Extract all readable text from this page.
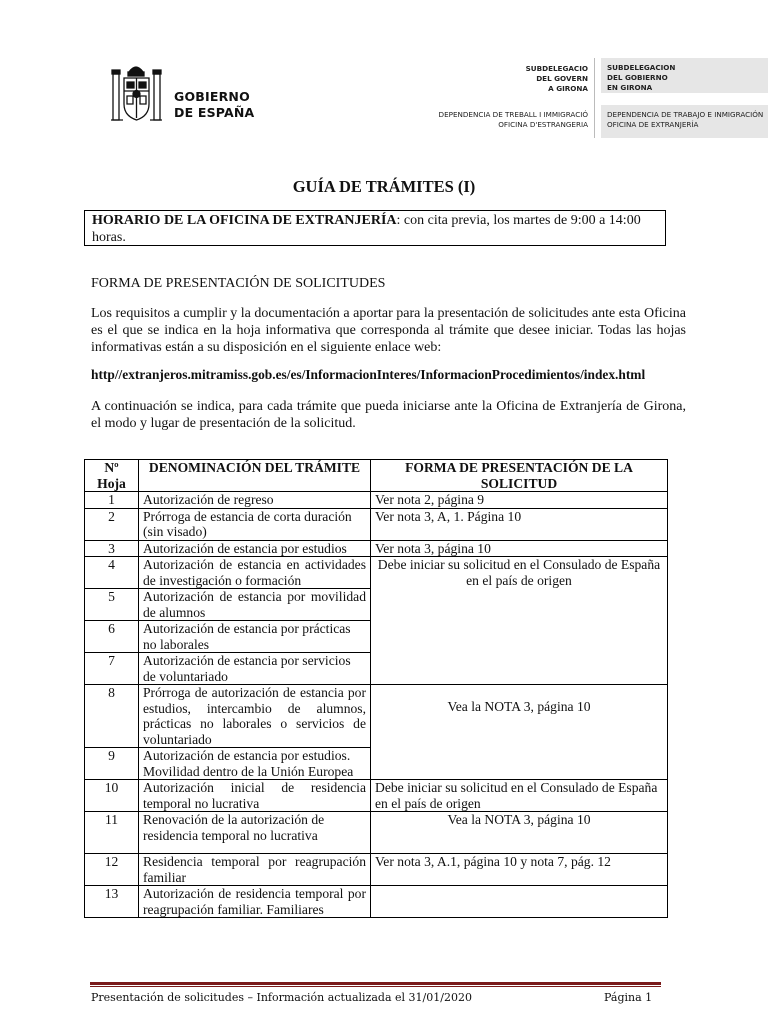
GOBIERNO
DE ESPAÑA
SUBDELEGACIO
DEL GOVERN
A GIRONA
SUBDELEGACION
DEL GOBIERNO
EN GIRONA
DEPENDENCIA DE TREBALL I IMMIGRACIÓ
OFICINA D'ESTRANGERIA
DEPENDENCIA DE TRABAJO E INMIGRACIÓN
OFICINA DE EXTRANJERÍA
GUÍA DE TRÁMITES (I)
HORARIO DE LA OFICINA DE EXTRANJERÍA: con cita previa, los martes de 9:00 a 14:00 horas.
FORMA DE PRESENTACIÓN DE SOLICITUDES
Los requisitos a cumplir y la documentación a aportar para la presentación de solicitudes ante esta Oficina es el que se indica en la hoja informativa que corresponda al trámite que desee iniciar. Todas las hojas informativas están a su disposición en el siguiente enlace web:
http//extranjeros.mitramiss.gob.es/es/InformacionInteres/InformacionProcedimientos/index.html
A continuación se indica, para cada trámite que pueda iniciarse ante la Oficina de Extranjería de Girona, el modo y lugar de presentación de la solicitud.
Nº Hoja	DENOMINACIÓN DEL TRÁMITE	FORMA DE PRESENTACIÓN DE LA SOLICITUD
1	Autorización de regreso	Ver nota 2, página 9
2	Prórroga de estancia de corta duración (sin visado)	Ver nota 3, A, 1. Página 10
3	Autorización de estancia por estudios	Ver nota 3, página 10
4	Autorización de estancia en actividades de investigación o formación	Debe iniciar su solicitud en el Consulado de España en el país de origen
5	Autorización de estancia por movilidad de alumnos	
6	Autorización de estancia por prácticas no laborales	
7	Autorización de estancia por servicios de voluntariado	
8	Prórroga de autorización de estancia por estudios, intercambio de alumnos, prácticas no laborales o servicios de voluntariado	Vea la NOTA 3, página 10
9	Autorización de estancia por estudios. Movilidad dentro de la Unión Europea	
10	Autorización inicial de residencia temporal no lucrativa	Debe iniciar su solicitud en el Consulado de España en el país de origen
11	Renovación de la autorización de residencia temporal no lucrativa	Vea la NOTA 3, página 10
12	Residencia temporal por reagrupación familiar	Ver nota 3, A.1, página 10 y nota 7, pág. 12
13	Autorización de residencia temporal por reagrupación familiar. Familiares	
Presentación de solicitudes – Información actualizada el 31/01/2020	Página 1
